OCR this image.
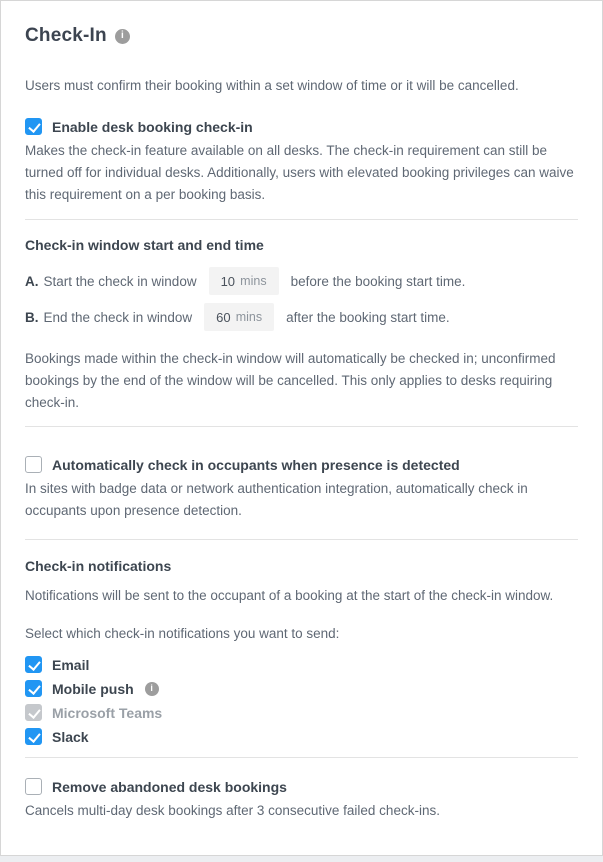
Check-In	i
Users must confirm their booking within a set window of time or it will be cancelled.
Enable desk booking check-in
Makes the check-in feature available on all desks. The check-in requirement can still be turned off for individual desks. Additionally, users with elevated booking privileges can waive this requirement on a per booking basis.
Check-in window start and end time
A. Start the check in window 10 mins before the booking start time.
B. End the check in window 60 mins after the booking start time.
Bookings made within the check-in window will automatically be checked in; unconfirmed bookings by the end of the window will be cancelled. This only applies to desks requiring check-in.
Automatically check in occupants when presence is detected
In sites with badge data or network authentication integration, automatically check in occupants upon presence detection.
Check-in notifications
Notifications will be sent to the occupant of a booking at the start of the check-in window.
Select which check-in notifications you want to send:
Email
Mobile push	i
Microsoft Teams
Slack
Remove abandoned desk bookings
Cancels multi-day desk bookings after 3 consecutive failed check-ins.
